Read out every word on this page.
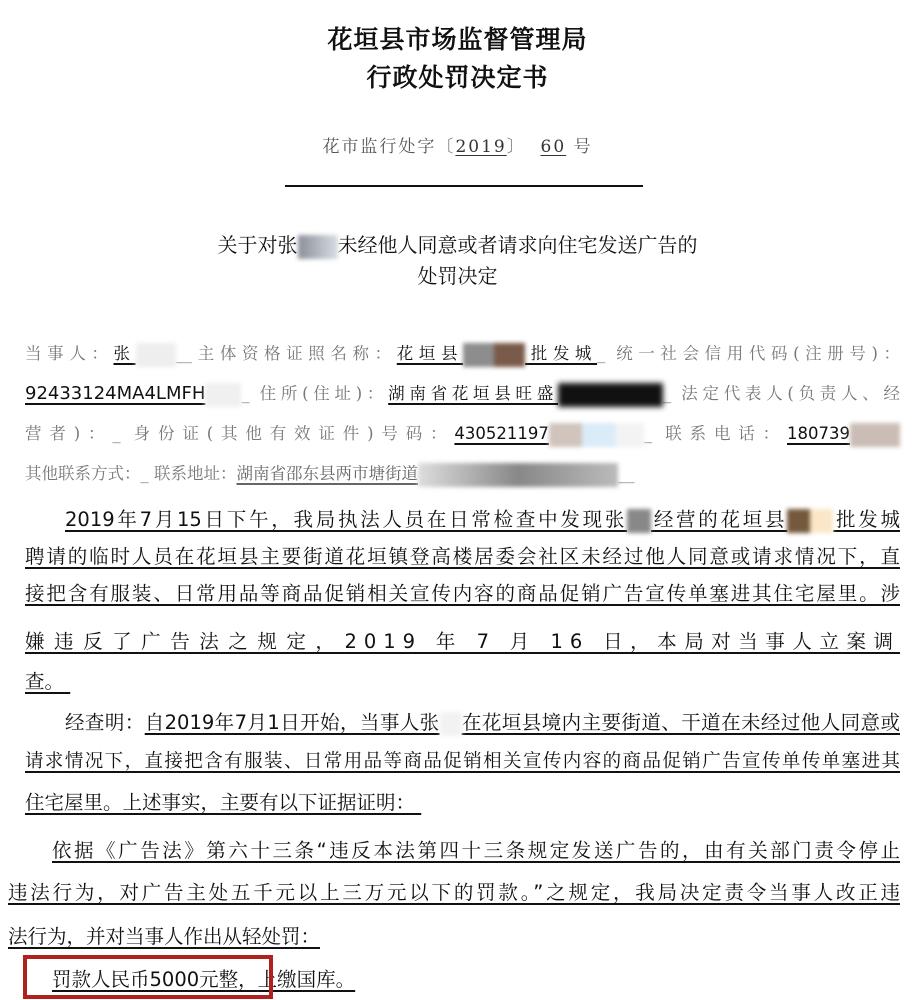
花垣县市场监督管理局
行政处罚决定书
花市监行处字〔2019〕 60 号
关于对张 未经他人同意或者请求向住宅发送广告的
处罚决定
当事人：张 __主体资格证照名称：花垣县	批发城_ 统一社会信用代码(注册号)：
92433124MA4LMFH _ 住所(住址)：湖南省花垣县旺盛	_ 法定代表人(负责人、经
营者)：_ 身份证(其他有效证件)号码：430521197	_ 联系电话：180739
其他联系方式：_ 联系地址：湖南省邵东县两市塘街道	__
2019年7月15日下午，我局执法人员在日常检查中发现张 经营的花垣县 批发城
聘请的临时人员在花垣县主要街道花垣镇登高楼居委会社区未经过他人同意或请求情况下，直
接把含有服装、日常用品等商品促销相关宣传内容的商品促销广告宣传单塞进其住宅屋里。涉
嫌违反了广告法之规定，2019 年 7 月 16 日，本局对当事人立案调
查。
经查明：自2019年7月1日开始，当事人张 在花垣县境内主要街道、干道在未经过他人同意或
请求情况下，直接把含有服装、日常用品等商品促销相关宣传内容的商品促销广告宣传单传单塞进其
住宅屋里。上述事实，主要有以下证据证明：
依据《广告法》第六十三条“违反本法第四十三条规定发送广告的，由有关部门责令停止
违法行为，对广告主处五千元以上三万元以下的罚款。”之规定，我局决定责令当事人改正违
法行为，并对当事人作出从轻处罚：
罚款人民币5000元整，上缴国库。
